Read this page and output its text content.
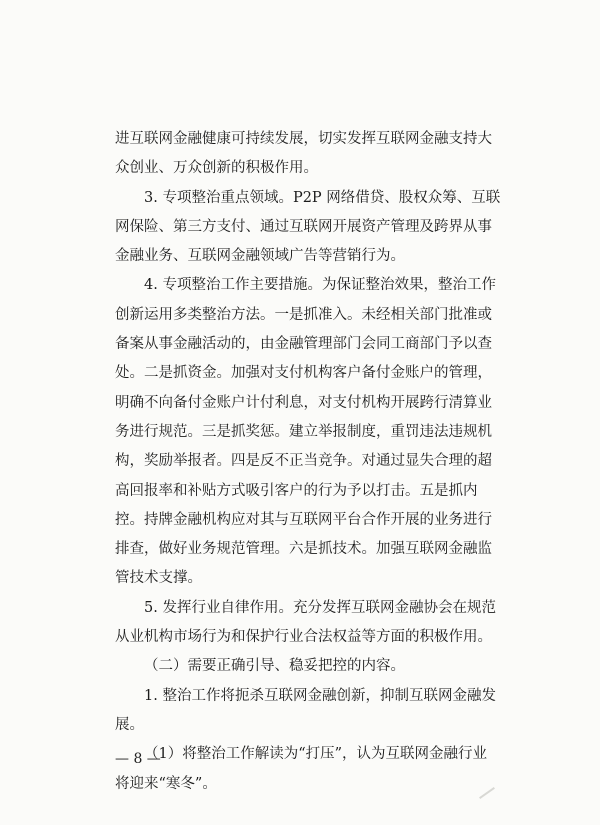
进互联网金融健康可持续发展，切实发挥互联网金融支持大
众创业、万众创新的积极作用。
3. 专项整治重点领域。P2P 网络借贷、股权众筹、互联
网保险、第三方支付、通过互联网开展资产管理及跨界从事
金融业务、互联网金融领域广告等营销行为。
4. 专项整治工作主要措施。为保证整治效果，整治工作
创新运用多类整治方法。一是抓准入。未经相关部门批准或
备案从事金融活动的，由金融管理部门会同工商部门予以查
处。二是抓资金。加强对支付机构客户备付金账户的管理，
明确不向备付金账户计付利息，对支付机构开展跨行清算业
务进行规范。三是抓奖惩。建立举报制度，重罚违法违规机
构，奖励举报者。四是反不正当竞争。对通过显失合理的超
高回报率和补贴方式吸引客户的行为予以打击。五是抓内
控。持牌金融机构应对其与互联网平台合作开展的业务进行
排查，做好业务规范管理。六是抓技术。加强互联网金融监
管技术支撑。
5. 发挥行业自律作用。充分发挥互联网金融协会在规范
从业机构市场行为和保护行业合法权益等方面的积极作用。
（二）需要正确引导、稳妥把控的内容。
1. 整治工作将扼杀互联网金融创新，抑制互联网金融发
展。
（1）将整治工作解读为“打压”，认为互联网金融行业
将迎来“寒冬”。
— 8 —
